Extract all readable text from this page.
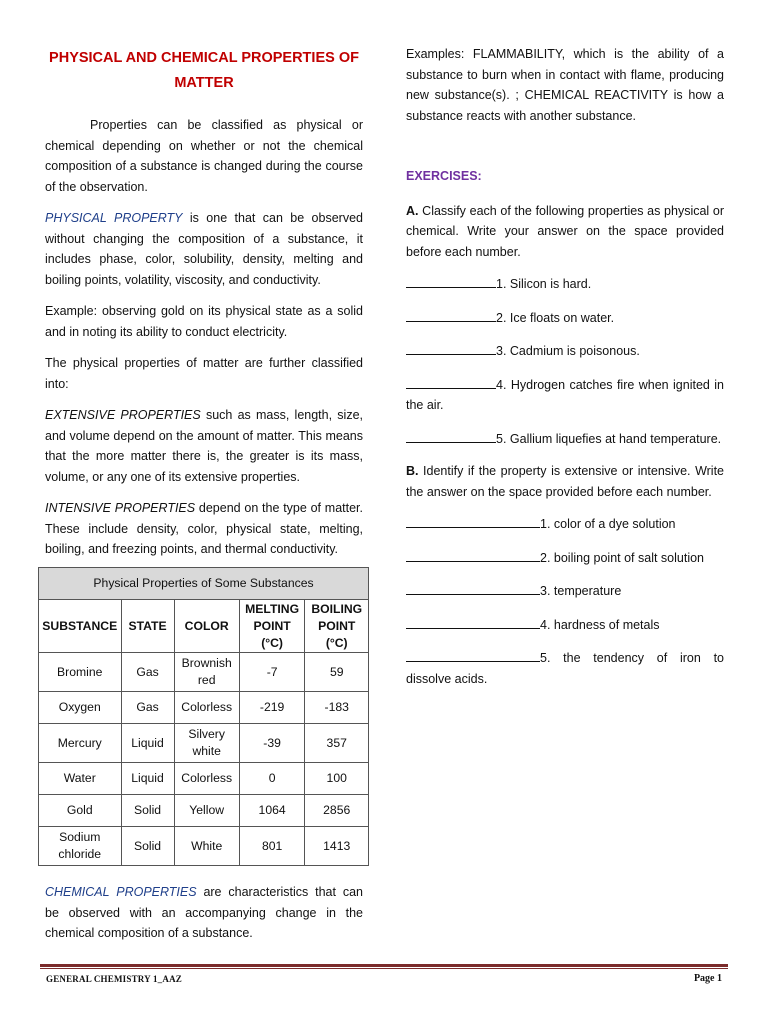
PHYSICAL AND CHEMICAL PROPERTIES OF MATTER

Properties can be classified as physical or chemical depending on whether or not the chemical composition of a substance is changed during the course of the observation.

PHYSICAL PROPERTY is one that can be observed without changing the composition of a substance, it includes phase, color, solubility, density, melting and boiling points, volatility, viscosity, and conductivity.

Example: observing gold on its physical state as a solid and in noting its ability to conduct electricity.

The physical properties of matter are further classified into:

EXTENSIVE PROPERTIES such as mass, length, size, and volume depend on the amount of matter. This means that the more matter there is, the greater is its mass, volume, or any one of its extensive properties.

INTENSIVE PROPERTIES depend on the type of matter. These include density, color, physical state, melting, boiling, and freezing points, and thermal conductivity.

Physical Properties of Some Substances				
SUBSTANCE	STATE	COLOR	MELTING POINT (°C)	BOILING POINT (°C)
Bromine	Gas	Brownish red	-7	59
Oxygen	Gas	Colorless	-219	-183
Mercury	Liquid	Silvery white	-39	357
Water	Liquid	Colorless	0	100
Gold	Solid	Yellow	1064	2856
Sodium chloride	Solid	White	801	1413

CHEMICAL PROPERTIES are characteristics that can be observed with an accompanying change in the chemical composition of a substance.

Examples: FLAMMABILITY, which is the ability of a substance to burn when in contact with flame, producing new substance(s). ; CHEMICAL REACTIVITY is how a substance reacts with another substance.

EXERCISES:

A. Classify each of the following properties as physical or chemical. Write your answer on the space provided before each number.

1. Silicon is hard.

2. Ice floats on water.

3. Cadmium is poisonous.

4. Hydrogen catches fire when ignited in the air.

5. Gallium liquefies at hand temperature.

B. Identify if the property is extensive or intensive. Write the answer on the space provided before each number.

1. color of a dye solution

2. boiling point of salt solution

3. temperature

4. hardness of metals

5. the tendency of iron to dissolve acids.

GENERAL CHEMISTRY 1_AAZ	Page 1
